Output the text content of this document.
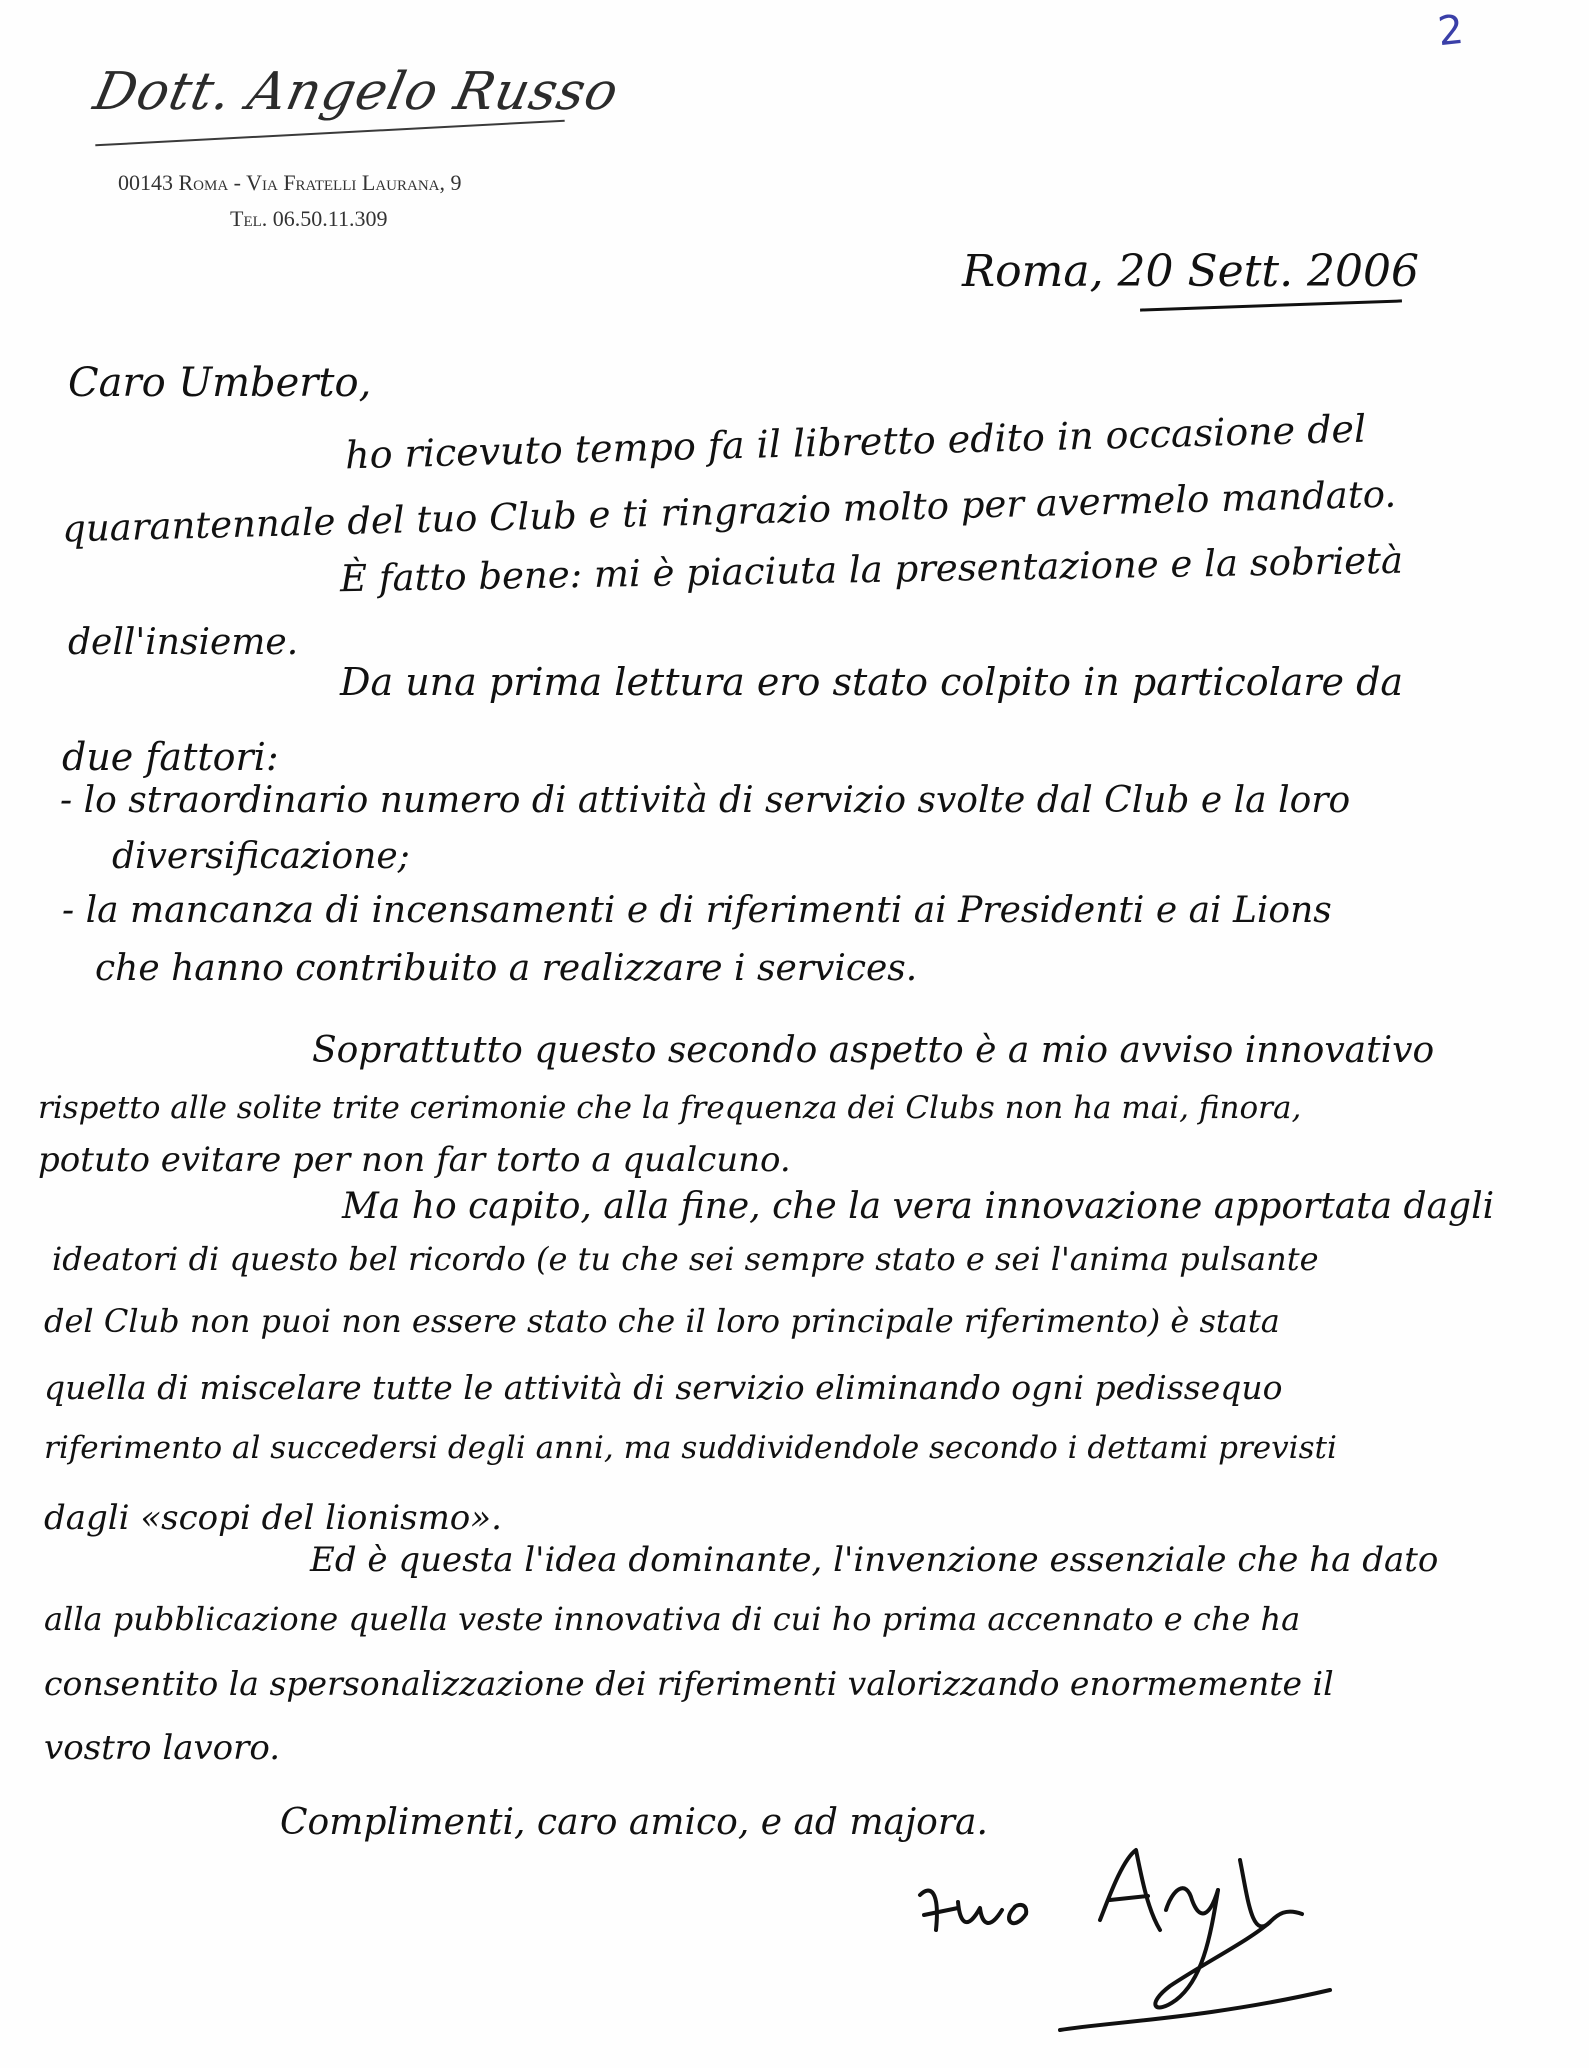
2
Dott. Angelo Russo
00143 Roma - Via Fratelli Laurana, 9
Tel. 06.50.11.309
Roma, 20 Sett. 2006
Caro Umberto,
ho ricevuto tempo fa il libretto edito in occasione del
quarantennale del tuo Club e ti ringrazio molto per avermelo mandato.
È fatto bene: mi è piaciuta la presentazione e la sobrietà
dell'insieme.
Da una prima lettura ero stato colpito in particolare da
due fattori:
- lo straordinario numero di attività di servizio svolte dal Club e la loro
diversificazione;
- la mancanza di incensamenti e di riferimenti ai Presidenti e ai Lions
che hanno contribuito a realizzare i services.
Soprattutto questo secondo aspetto è a mio avviso innovativo
rispetto alle solite trite cerimonie che la frequenza dei Clubs non ha mai, finora,
potuto evitare per non far torto a qualcuno.
Ma ho capito, alla fine, che la vera innovazione apportata dagli
ideatori di questo bel ricordo (e tu che sei sempre stato e sei l'anima pulsante
del Club non puoi non essere stato che il loro principale riferimento) è stata
quella di miscelare tutte le attività di servizio eliminando ogni pedissequo
riferimento al succedersi degli anni, ma suddividendole secondo i dettami previsti
dagli «scopi del lionismo».
Ed è questa l'idea dominante, l'invenzione essenziale che ha dato
alla pubblicazione quella veste innovativa di cui ho prima accennato e che ha
consentito la spersonalizzazione dei riferimenti valorizzando enormemente il
vostro lavoro.
Complimenti, caro amico, e ad majora.
